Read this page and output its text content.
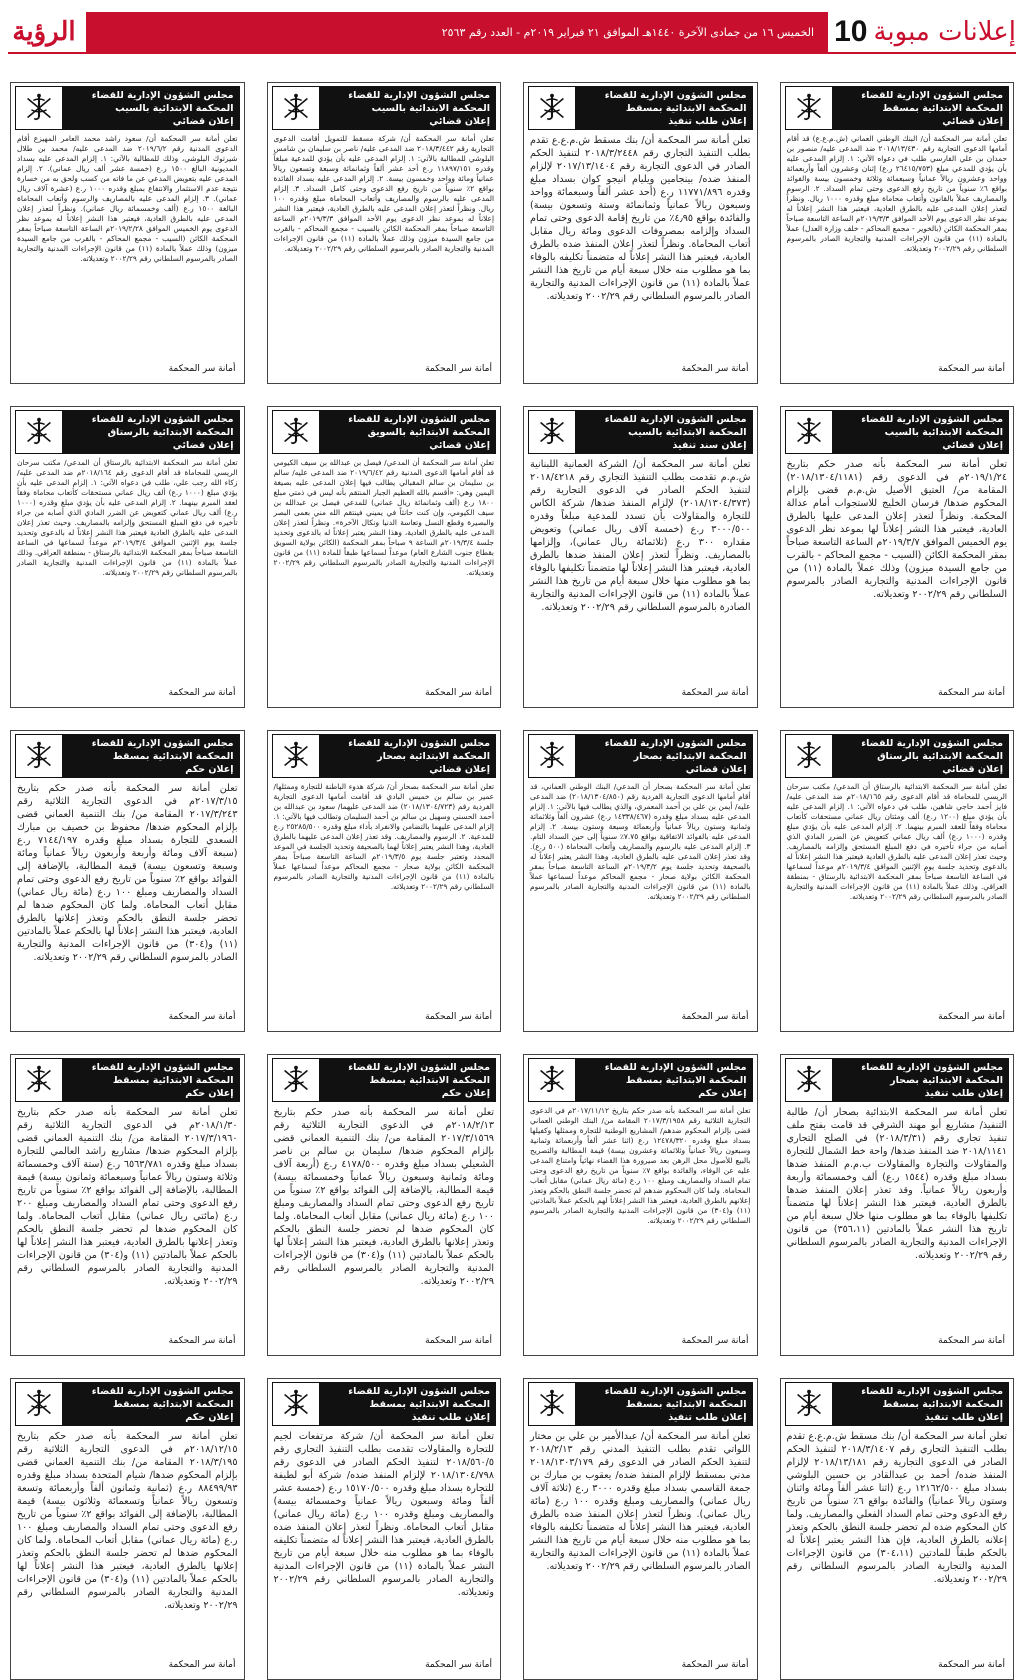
الرؤية	الخميس ١٦ من جمادى الآخرة ١٤٤٠هـ الموافق ٢١ فبراير ٢٠١٩م - العدد رقم ٢٥٦٣ إعلانات مبوبة
10
مجلس الشؤون الإدارية للقضاء
المحكمة الابتدائية بمسقط
إعلان قضائي
تعلن أمانة سر المحكمة أن/ البنك الوطني العماني (ش.م.ع.ع) قد أقام أمامها الدعوى التجارية رقم ٢٠١٨/١٣/٤٣٠ ضد المدعى عليه/ منصور بن حمدان بن علي الفارسي طلب في دعواه الآتي: ١. إلزام المدعى عليه بأن يؤدي للمدعي مبلغ (٢٦٤١٥/٧٥٣ ر.ع) إثنان وعشرون ألفاً وأربعمائة وواحد وعشرون ريالاً عمانياً وسبعمائة وثلاثة وخمسون بيسة والفوائد بواقع ٦٪ سنوياً من تاريخ رفع الدعوى وحتى تمام السداد. ٢. الرسوم والمصاريف عملاً بالقانون وأتعاب محاماة مبلغ وقدره ١٠٠٠ ريال. ونظراً لتعذر إعلان المدعى عليه بالطرق العادية، فيعتبر هذا النشر إعلاناً له بموعد نظر الدعوى يوم الأحد الموافق ٢٠١٩/٣/٣م الساعة التاسعة صباحاً بمقر المحكمة الكائن (بالخوير - مجمع المحاكم - خلف وزارة العدل) عملاً بالمادة (١١) من قانون الإجراءات المدنية والتجارية الصادر بالمرسوم السلطاني رقم ٢٠٠٢/٢٩ وتعديلاته.
أمانة سر المحكمة
مجلس الشؤون الإدارية للقضاء
المحكمة الابتدائية بمسقط
إعلان طلب تنفيذ
تعلن أمانة سر المحكمة أن/ بنك مسقط ش.م.ع.ع تقدم بطلب التنفيذ التجاري رقم ٢٠١٨/٣/٢٤٤٨ لتنفيذ الحكم الصادر في الدعوى التجارية رقم ٢٠١٧/١٣/١٤٠٤ لإلزام المنفذ ضده/ بينجامين ويليام انيجو كوان بسداد مبلغ وقدره ١١٧٧١/٨٩٦ ر.ع (أحد عشر ألفاً وسبعمائة وواحد وسبعون ريالاً عمانياً وثمانمائة وستة وتسعون بيسة) والفائدة بواقع ٤٫٩٥٪ من تاريخ إقامة الدعوى وحتى تمام السداد وإلزامه بمصروفات الدعوى ومائة ريال مقابل أتعاب المحاماة. ونظراً لتعذر إعلان المنفذ ضده بالطرق العادية، فيعتبر هذا النشر إعلاناً له متضمناً تكليفه بالوفاء بما هو مطلوب منه خلال سبعة أيام من تاريخ هذا النشر عملاً بالمادة (١١) من قانون الإجراءات المدنية والتجارية الصادر بالمرسوم السلطاني رقم ٢٠٠٢/٢٩ وتعديلاته.
أمانة سر المحكمة
مجلس الشؤون الإدارية للقضاء
المحكمة الابتدائية بالسيب
إعلان قضائي
تعلن أمانة سر المحكمة أن/ شركة مسقط للتمويل أقامت الدعوى التجارية رقم ٢٠١٨/٣/٤٤٢ ضد المدعى عليه/ ناصر بن سليمان بن شامس البلوشي للمطالبة بالآتي: ١. إلزام المدعى عليه بأن يؤدي للمدعية مبلغاً وقدره ١١٨٩٧/١٥١ ر.ع أحد عشر ألفاً وثمانمائة وسبعة وتسعون ريالاً عمانياً ومائة وواحد وخمسون بيسة. ٢. إلزام المدعى عليه بسداد الفائدة بواقع ٢٪ سنوياً من تاريخ رفع الدعوى وحتى كامل السداد. ٣. إلزام المدعى عليه بالرسوم والمصاريف وأتعاب المحاماة مبلغ وقدره ١٠٠ ريال. ونظراً لتعذر إعلان المدعى عليه بالطرق العادية، فيعتبر هذا النشر إعلاناً له بموعد نظر الدعوى يوم الأحد الموافق ٢٠١٩/٣/٣م الساعة التاسعة صباحاً بمقر المحكمة الكائن بالسيب - مجمع المحاكم - بالقرب من جامع السيدة ميزون وذلك عملاً بالمادة (١١) من قانون الإجراءات المدنية والتجارية الصادر بالمرسوم السلطاني رقم ٢٠٠٢/٢٩ وتعديلاته.
أمانة سر المحكمة
مجلس الشؤون الإدارية للقضاء
المحكمة الابتدائية بالسيب
إعلان قضائي
تعلن أمانة سر المحكمة أن/ سعود راشد محمد العامر المهيزع أقام الدعوى المدنية رقم ٢٠١٩/٦/٢ ضد المدعى عليه/ محمد بن طلال شيرتوك البلوشي، وذلك للمطالبة بالآتي: ١. إلزام المدعى عليه بسداد المديونية البالغ ١٥٠٠ ر.ع (خمسة عشر ألف ريال عماني). ٢. إلزام المدعى عليه بتعويض المدعي عن ما فاته من كسب ولحق به من خسارة نتيجة عدم الاستثمار والانتفاع بمبلغ وقدره ١٠٠٠ ر.ع (عشرة آلاف ريال عماني). ٣. إلزام المدعى عليه بالمصاريف والرسوم وأتعاب المحاماة البالغة ١٥٠٠ ر.ع (ألف وخمسمائة ريال عماني). ونظراً لتعذر إعلان المدعى عليه بالطرق العادية، فيعتبر هذا النشر إعلاناً له بموعد نظر الدعوى يوم الخميس الموافق ٢٠١٩/٢/٢٨م الساعة التاسعة صباحاً بمقر المحكمة الكائن (السيب - مجمع المحاكم - بالقرب من جامع السيدة ميزون) وذلك عملاً بالمادة (١١) من قانون الإجراءات المدنية والتجارية الصادر بالمرسوم السلطاني رقم ٢٠٠٢/٢٩ وتعديلاته.
أمانة سر المحكمة
مجلس الشؤون الإدارية للقضاء
المحكمة الابتدائية بالسيب
إعلان قضائي
تعلن أمانة سر المحكمة بأنه صدر حكم بتاريخ ٢٠١٩/١/٢٤م في الدعوى رقم (٢٠١٨/١٣٠٤/١١٨١) المقامة من/ العتيق الأصيل ش.م.م قضى بإلزام المحكوم ضدها/ فرسان الخليج للاستجواب أمام عدالة المحكمة. ونظراً لتعذر إعلان المدعى عليها بالطرق العادية، فيعتبر هذا النشر إعلاناً لها بموعد نظر الدعوى يوم الخميس الموافق ٢٠١٩/٣/٧م الساعة التاسعة صباحاً بمقر المحكمة الكائن (السيب - مجمع المحاكم - بالقرب من جامع السيدة ميزون) وذلك عملاً بالمادة (١١) من قانون الإجراءات المدنية والتجارية الصادر بالمرسوم السلطاني رقم ٢٠٠٢/٢٩ وتعديلاته.
أمانة سر المحكمة
مجلس الشؤون الإدارية للقضاء
المحكمة الابتدائية بالسيب
إعلان سند تنفيذ
تعلن أمانة سر المحكمة أن/ الشركة العمانية اللبنانية ش.م.م تقدمت بطلب التنفيذ التجاري رقم ٢٠١٨/٤٢١٨ لتنفيذ الحكم الصادر في الدعوى التجارية رقم (٢٠١٨/١٣٠٤/٣٧٣) لإلزام المنفذ ضدها/ شركة الكاس للتجارة والمقاولات بأن تسدد للمدعية مبلغاً وقدره ٣٠٠٠/٥٠٠ ر.ع (خمسة آلاف ريال عماني) وتعويض مقداره ٣٠٠ ر.ع (ثلاثمائة ريال عماني)، وإلزامها بالمصاريف. ونظراً لتعذر إعلان المنفذ ضدها بالطرق العادية، فيعتبر هذا النشر إعلاناً لها متضمناً تكليفها بالوفاء بما هو مطلوب منها خلال سبعة أيام من تاريخ هذا النشر عملاً بالمادة (١١) من قانون الإجراءات المدنية والتجارية الصادرة بالمرسوم السلطاني رقم ٢٠٠٢/٢٩ وتعديلاته.
أمانة سر المحكمة
مجلس الشؤون الإدارية للقضاء
المحكمة الابتدائية بالسويق
إعلان قضائي
تعلن أمانة سر المحكمة أن المدعي/ فيصل بن عبدالله بن سيف الكيومي قد أقام أمامها الدعوى المدنية رقم ٢٠١٩/٦/٤٢ ضد المدعى عليه/ سالم بن سليمان بن سالم المقبالي يطالب فيها إعلان المدعى عليه بصيغة اليمين وهي: «أقسم بالله العظيم الجبار المنتقم بأنه ليس في ذمتي مبلغ ١٨٠٠ ر.ع (ألف وثمانمائة ريال عماني) للمدعي فيصل بن عبدالله بن سيف الكيومي، وإن كنت حانثاً في يميني فينتقم الله مني بعمى البصر والبصيرة وقطع النسل وتعاسة الدنيا ونكال الآخرة». ونظراً لتعذر إعلان المدعى عليه بالطرق العادية، وهذا النشر يعتبر إعلاناً له بالدعوى وتحديد جلسة ٢٠١٩/٣/٤م الساعة ٩ صباحاً بمقر المحكمة (الكائن بولاية السويق بقطاع جنوب الشارع العام) موعداً لسماعها طبقاً للمادة (١١) من قانون الإجراءات المدنية والتجارية الصادر بالمرسوم السلطاني رقم ٢٠٠٢/٢٩ وتعديلاته.
أمانة سر المحكمة
مجلس الشؤون الإدارية للقضاء
المحكمة الابتدائية بالرستاق
إعلان قضائي
تعلن أمانة سر المحكمة الابتدائية بالرستاق أن المدعي/ مكتب سرحان الريسي للمحاماة قد أقام الدعوى رقم ٢٠١٨/١٦٤م ضد المدعى عليه/ زكاء الله رجب علي، طلب في دعواه الآتي: ١. إلزام المدعى عليه بأن يؤدي مبلغ (١٠٠٠ ر.ع) ألف ريال عماني مستحقات كأتعاب محاماة وفقاً لعقد المبرم بينهما. ٢. إلزام المدعى عليه بأن يؤدي مبلغ وقدره (١٠٠٠ ر.ع) ألف ريال عماني كتعويض عن الضرر المادي الذي أصابه من جراء تأخيره في دفع المبلغ المستحق وإلزامه بالمصاريف. وحيث تعذر إعلان المدعى عليه بالطرق العادية فيعتبر هذا النشر إعلاناً له بالدعوى وتحديد جلسة يوم الإثنين الموافق ٢٠١٩/٣/٤م موعداً لسماعها في الساعة التاسعة صباحاً بمقر المحكمة الابتدائية بالرستاق - بمنطقة العراقي. وذلك عملاً بالمادة (١١) من قانون الإجراءات المدنية والتجارية الصادر بالمرسوم السلطاني رقم ٢٠٠٢/٢٩ وتعديلاته.
أمانة سر المحكمة
مجلس الشؤون الإدارية للقضاء
المحكمة الابتدائية بالرستاق
إعلان قضائي
تعلن أمانة سر المحكمة الابتدائية بالرستاق أن المدعي/ مكتب سرحان الريسي للمحاماة قد أقام الدعوى رقم ٢٠١٨/١٦٥م ضد المدعى عليه/ فايز أحمد حاجي شاهين، طلب في دعواه الآتي: ١. إلزام المدعى عليه بأن يؤدي مبلغ (١٢٠٠ ر.ع) ألف ومئتان ريال عماني مستحقات كأتعاب محاماة وفقاً للعقد المبرم بينهما. ٢. إلزام المدعى عليه بأن يؤدي مبلغ وقدره (١٠٠٠ ر.ع) ألف ريال عماني كتعويض عن الضرر المادي الذي أصابه من جراء تأخيره في دفع المبلغ المستحق وإلزامه بالمصاريف. وحيث تعذر إعلان المدعى عليه بالطرق العادية فيعتبر هذا النشر إعلاناً له بالدعوى وتحديد جلسة يوم الإثنين الموافق ٢٠١٩/٣/٤م موعداً لسماعها في الساعة التاسعة صباحاً بمقر المحكمة الابتدائية بالرستاق - بمنطقة العراقي. وذلك عملاً بالمادة (١١) من قانون الإجراءات المدنية والتجارية الصادر بالمرسوم السلطاني رقم ٢٠٠٢/٢٩ وتعديلاته.
أمانة سر المحكمة
مجلس الشؤون الإدارية للقضاء
المحكمة الابتدائية بصحار
إعلان قضائي
تعلن أمانة سر المحكمة بصحار أن المدعي/ البنك الوطني العماني، قد أقام أمامها الدعوى التجارية الفردية رقم (٢٠١٨/١٣٠٤/٨٥٠) ضد المدعى عليه/ أيمن بن علي بن أحمد المعمري، والذي يطالب فيها بالآتي: ١. إلزام المدعى عليه بسداد مبلغ وقدره (١٤٣٣٨/٤٦٧ ر.ع) عشرون ألفاً وثلاثمائة وثمانية وستون ريالاً عمانياً وأربعمائة وسبعة وستون بيسة. ٢. إلزام المدعى عليه بالفوائد الاتفاقية بواقع ٧.٧٥٪ سنوياً إلى حين السداد التام. ٣. إلزام المدعى عليه بالرسوم والمصاريف وأتعاب المحاماة (٥٠٠ ر.ع). وقد تعذر إعلان المدعى عليه بالطرق العادية، وهذا النشر يعتبر إعلاناً له بالصحيفة وتحديد جلسة يوم ٢٠١٩/٣/٢م الساعة التاسعة صباحاً بمقر المحكمة الكائن بولاية صحار - مجمع المحاكم موعداً لسماعها عملاً بالمادة (١١) من قانون الإجراءات المدنية والتجارية الصادر بالمرسوم السلطاني رقم ٢٠٠٢/٢٩ وتعديلاته.
أمانة سر المحكمة
مجلس الشؤون الإدارية للقضاء
المحكمة الابتدائية بصحار
إعلان قضائي
تعلن أمانة سر المحكمة بصحار أن/ شركة هدوء الباطنة للتجارة وممثلها/ عمير بن سالم بن خميس البادي قد أقامت أمامها الدعوى التجارية الفردية رقم (٢٠١٨/١٣٠٤/٧٢٣) ضد المدعى عليهما/ سعود بن عبدالله بن أحمد الحسني وسهيل بن سالم بن أحمد السليمان وتطالب فيها بالآتي: ١. إلزام المدعى عليهما بالتضامن والانفراد بأداء مبلغ وقدره ٢٥٢٨٥/٥٠٠ ر.ع للمدعية. ٢. الرسوم والمصاريف. وقد تعذر إعلان المدعى عليهما بالطرق العادية، وهذا النشر يعتبر إعلاناً لهما بالصحيفة وتحديد الجلسة في الموعد المحدد وتعتبر جلسة يوم ٢٠١٩/٣/٥م الساعة التاسعة صباحاً بمقر المحكمة الكائن بولاية صحار - مجمع المحاكم موعداً لسماعها عملاً بالمادة (١١) من قانون الإجراءات المدنية والتجارية الصادر بالمرسوم السلطاني رقم ٢٠٠٢/٢٩ وتعديلاته.
أمانة سر المحكمة
مجلس الشؤون الإدارية للقضاء
المحكمة الابتدائية بمسقط
إعلان حكم
تعلن أمانة سر المحكمة بأنه صدر حكم بتاريخ ٢٠١٧/٣/١٥م في الدعوى التجارية الثلاثية رقم ٢٠١٧/٣/٢٤٣ المقامة من/ بنك التنمية العماني قضى بإلزام المحكوم ضدها/ محفوظ بن خصيف بن مبارك السعدي للتجارة بسداد مبلغ وقدره ٧١٤٤/١٩٧ ر.ع (سبعة آلاف ومائة وأربعة وأربعون ريالاً عمانياً ومائة وسبعة وتسعون بيسة) قيمة المطالبة، بالإضافة إلى الفوائد بواقع ٢٪ سنوياً من تاريخ رفع الدعوى وحتى تمام السداد والمصاريف ومبلغ ١٠٠ ر.ع (مائة ريال عماني) مقابل أتعاب المحاماة. ولما كان المحكوم ضدها لم تحضر جلسة النطق بالحكم وتعذر إعلانها بالطرق العادية، فيعتبر هذا النشر إعلاناً لها بالحكم عملاً بالمادتين (١١) و(٣٠٤) من قانون الإجراءات المدنية والتجارية الصادر بالمرسوم السلطاني رقم ٢٠٠٢/٢٩ وتعديلاته.
أمانة سر المحكمة
مجلس الشؤون الإدارية للقضاء
المحكمة الابتدائية بصحار
إعلان طلب تنفيذ
تعلن أمانة سر المحكمة الابتدائية بصحار أن/ طالبة التنفيذ/ مشاريع أبو مهند الشرقي قد قامت بفتح ملف تنفيذ تجاري رقم (٢٠١٨/٣/٣١) في الصلح التجاري ٢٠١٨/١١٤١ ضد المنفذ ضدها/ واحة خط الشمال للتجارة والمقاولات والتجارة والمقاولات ب.م.م المنفذ ضدها بسداد مبلغ وقدره (١٥٤٤ ر.ع) ألف وخمسمائة وأربعة وأربعون ريالاً عمانياً. وقد تعذر إعلان المنفذ ضدها بالطرق العادية، فيعتبر هذا النشر إعلاناً لها متضمناً تكليفها بالوفاء بما هو مطلوب منها خلال سبعة أيام من تاريخ هذا النشر عملاً بالمادتين (٣٥٦،١١) من قانون الإجراءات المدنية والتجارية الصادر بالمرسوم السلطاني رقم ٢٠٠٢/٢٩ وتعديلاته.
أمانة سر المحكمة
مجلس الشؤون الإدارية للقضاء
المحكمة الابتدائية بمسقط
إعلان حكم
تعلن أمانة سر المحكمة بأنه صدر حكم بتاريخ ٢٠١٧/١١/١٢م في الدعوى التجارية الثلاثية رقم ٢٠١٧/٣/١٩٥٨ المقامة من/ البنك الوطني العماني قضى بإلزام المحكوم ضدهم/ المشاريع الوطنية للتجارة وممثلها وكفيلها بسداد مبلغ وقدره ١٢٤٧٨/٣٢٠ ر.ع (اثنا عشر ألفاً وأربعمائة وثمانية وسبعون ريالاً عمانياً وثلاثمائة وعشرون بيسة) قيمة المطالبة والتصريح بالبيع للأصول محل الرهن بعد صيرورة هذا القضاء نهائياً وامتناع المدعى عليه عن الوفاء، والفائدة بواقع ٧٪ سنوياً من تاريخ رفع الدعوى وحتى تمام السداد والمصاريف ومبلغ ١٠٠ ر.ع (مائة ريال عماني) مقابل أتعاب المحاماة. ولما كان المحكوم ضدهم لم تحضر جلسة النطق بالحكم وتعذر إعلانهم بالطرق العادية، فيعتبر هذا النشر إعلاناً لهم بالحكم عملاً بالمادتين (١١) و(٣٠٤) من قانون الإجراءات المدنية والتجارية الصادر بالمرسوم السلطاني رقم ٢٠٠٢/٢٩ وتعديلاته.
أمانة سر المحكمة
مجلس الشؤون الإدارية للقضاء
المحكمة الابتدائية بمسقط
إعلان حكم
تعلن أمانة سر المحكمة بأنه صدر حكم بتاريخ ٢٠١٨/٢/١٣م في الدعوى التجارية الثلاثية رقم ٢٠١٧/٣/١٥٦٩ المقامة من/ بنك التنمية العماني قضى بإلزام المحكوم ضدها/ سليمان بن سالم بن ناصر الشعيلي بسداد مبلغ وقدره ٤١٧٨/٥٠٠ ر.ع (أربعة آلاف ومائة وثمانية وسبعون ريالاً عمانياً وخمسمائة بيسة) قيمة المطالبة، بالإضافة إلى الفوائد بواقع ٢٪ سنوياً من تاريخ رفع الدعوى وحتى تمام السداد والمصاريف ومبلغ ١٠٠ ر.ع (مائة ريال عماني) مقابل أتعاب المحاماة. ولما كان المحكوم ضدها لم تحضر جلسة النطق بالحكم وتعذر إعلانها بالطرق العادية، فيعتبر هذا النشر إعلاناً لها بالحكم عملاً بالمادتين (١١) و(٣٠٤) من قانون الإجراءات المدنية والتجارية الصادر بالمرسوم السلطاني رقم ٢٠٠٢/٢٩ وتعديلاته.
أمانة سر المحكمة
مجلس الشؤون الإدارية للقضاء
المحكمة الابتدائية بمسقط
إعلان حكم
تعلن أمانة سر المحكمة بأنه صدر حكم بتاريخ ٢٠١٨/١/٣٠م في الدعوى التجارية الثلاثية رقم ٢٠١٧/٣/١٩٦٠ المقامة من/ بنك التنمية العماني قضى بإلزام المحكوم ضدها/ مشاريع راشد العالمي للتجارة بسداد مبلغ وقدره ٦٥٦٣/٧٨١ ر.ع (ستة آلاف وخمسمائة وثلاثة وستون ريالاً عمانياً وسبعمائة وثمانون بيسة) قيمة المطالبة، بالإضافة إلى الفوائد بواقع ٢٪ سنوياً من تاريخ رفع الدعوى وحتى تمام السداد والمصاريف ومبلغ ٢٠٠ ر.ع (مائتي ريال عماني) مقابل أتعاب المحاماة. ولما كان المحكوم ضدها لم تحضر جلسة النطق بالحكم وتعذر إعلانها بالطرق العادية، فيعتبر هذا النشر إعلاناً لها بالحكم عملاً بالمادتين (١١) و(٣٠٤) من قانون الإجراءات المدنية والتجارية الصادر بالمرسوم السلطاني رقم ٢٠٠٢/٢٩ وتعديلاته.
أمانة سر المحكمة
مجلس الشؤون الإدارية للقضاء
المحكمة الابتدائية بمسقط
إعلان طلب تنفيذ
تعلن أمانة سر المحكمة أن/ بنك مسقط ش.م.ع.ع تقدم بطلب التنفيذ التجاري رقم ٢٠١٨/٣/١٤٠٧ لتنفيذ الحكم الصادر في الدعوى التجارية رقم ٢٠١٨/١٣/١٨١ لإلزام المنفذ ضده/ أحمد بن عبدالقادر بن حسين البلوشي بسداد مبلغ ١٢١٦٢/٥٠٠ ر.ع (اثنا عشر ألفاً ومائة واثنان وستون ريالاً عمانياً) والفائدة بواقع ٦٪ سنوياً من تاريخ رفع الدعوى وحتى تمام السداد الفعلي والمصاريف. ولما كان المحكوم ضده لم تحضر جلسة النطق بالحكم وتعذر إعلانه بالطرق العادية، فإن هذا النشر يعتبر إعلاناً له بالحكم طبقاً للمادتين (٣٠٤،١١) من قانون الإجراءات المدنية والتجارية الصادر بالمرسوم السلطاني رقم ٢٠٠٢/٢٩ وتعديلاته.
أمانة سر المحكمة
مجلس الشؤون الإدارية للقضاء
المحكمة الابتدائية بمسقط
إعلان طلب تنفيذ
تعلن أمانة سر المحكمة أن/ عبدالأمير بن علي بن مختار اللواتي تقدم بطلب التنفيذ المدني رقم ٢٠١٨/٢/١٣ لتنفيذ الحكم الصادر في الدعوى رقم ٢٠١٨/١٣٠٣/١٧٩ مدني بمسقط لإلزام المنفذ ضده/ يعقوب بن مبارك بن جمعة القاسمي بسداد مبلغ وقدره ٣٠٠٠ ر.ع (ثلاثة آلاف ريال عماني) والمصاريف ومبلغ وقدره ١٠٠ ر.ع (مائة ريال عماني). ونظراً لتعذر إعلان المنفذ ضده بالطرق العادية، فيعتبر هذا النشر إعلاناً له متضمناً تكليفه بالوفاء بما هو مطلوب منه خلال سبعة أيام من تاريخ هذا النشر عملاً بالمادة (١١) من قانون الإجراءات المدنية والتجارية الصادر بالمرسوم السلطاني رقم ٢٠٠٢/٢٩ وتعديلاته.
أمانة سر المحكمة
مجلس الشؤون الإدارية للقضاء
المحكمة الابتدائية بمسقط
إعلان طلب تنفيذ
تعلن أمانة سر المحكمة أن/ شركة مرتفعات لجيم للتجارة والمقاولات تقدمت بطلب التنفيذ التجاري رقم ٢٠١٨/٥٦٠/٥ لتنفيذ الحكم الصادر في الدعوى رقم ٢٠١٨/١٣٠٤/٧٩٨ لإلزام المنفذ ضده/ شركة أبو لطيفة للتجارة بسداد مبلغ وقدره ١٥١٧٠/٥٠٠ ر.ع (خمسة عشر ألفاً ومائة وسبعون ريالاً عمانياً وخمسمائة بيسة) والمصاريف ومبلغ وقدره ١٠٠ ر.ع (مائة ريال عماني) مقابل أتعاب المحاماة. ونظراً لتعذر إعلان المنفذ ضده بالطرق العادية، فيعتبر هذا النشر إعلاناً له متضمناً تكليفه بالوفاء بما هو مطلوب منه خلال سبعة أيام من تاريخ النشر عملاً بالمادة (١١) من قانون الإجراءات المدنية والتجارية الصادر بالمرسوم السلطاني رقم ٢٠٠٢/٢٩ وتعديلاته.
أمانة سر المحكمة
مجلس الشؤون الإدارية للقضاء
المحكمة الابتدائية بمسقط
إعلان حكم
تعلن أمانة سر المحكمة بأنه صدر حكم بتاريخ ٢٠١٨/١٢/١٥م في الدعوى التجارية الثلاثية رقم ٢٠١٨/٣/١٩٥ المقامة من/ بنك التنمية العماني قضى بإلزام المحكوم ضدها/ شيام المتحدة بسداد مبلغ وقدره ٨٨٤٩٩/٩٣ ر.ع (ثمانية وثمانون ألفاً وأربعمائة وتسعة وتسعون ريالاً عمانياً وتسعمائة وثلاثون بيسة) قيمة المطالبة، بالإضافة إلى الفوائد بواقع ٢٪ سنوياً من تاريخ رفع الدعوى وحتى تمام السداد والمصاريف ومبلغ ١٠٠ ر.ع (مائة ريال عماني) مقابل أتعاب المحاماة. ولما كان المحكوم ضدها لم تحضر جلسة النطق بالحكم وتعذر إعلانها بالطرق العادية، فيعتبر هذا النشر إعلاناً لها بالحكم عملاً بالمادتين (١١) و(٣٠٤) من قانون الإجراءات المدنية والتجارية الصادر بالمرسوم السلطاني رقم ٢٠٠٢/٢٩ وتعديلاته.
أمانة سر المحكمة
